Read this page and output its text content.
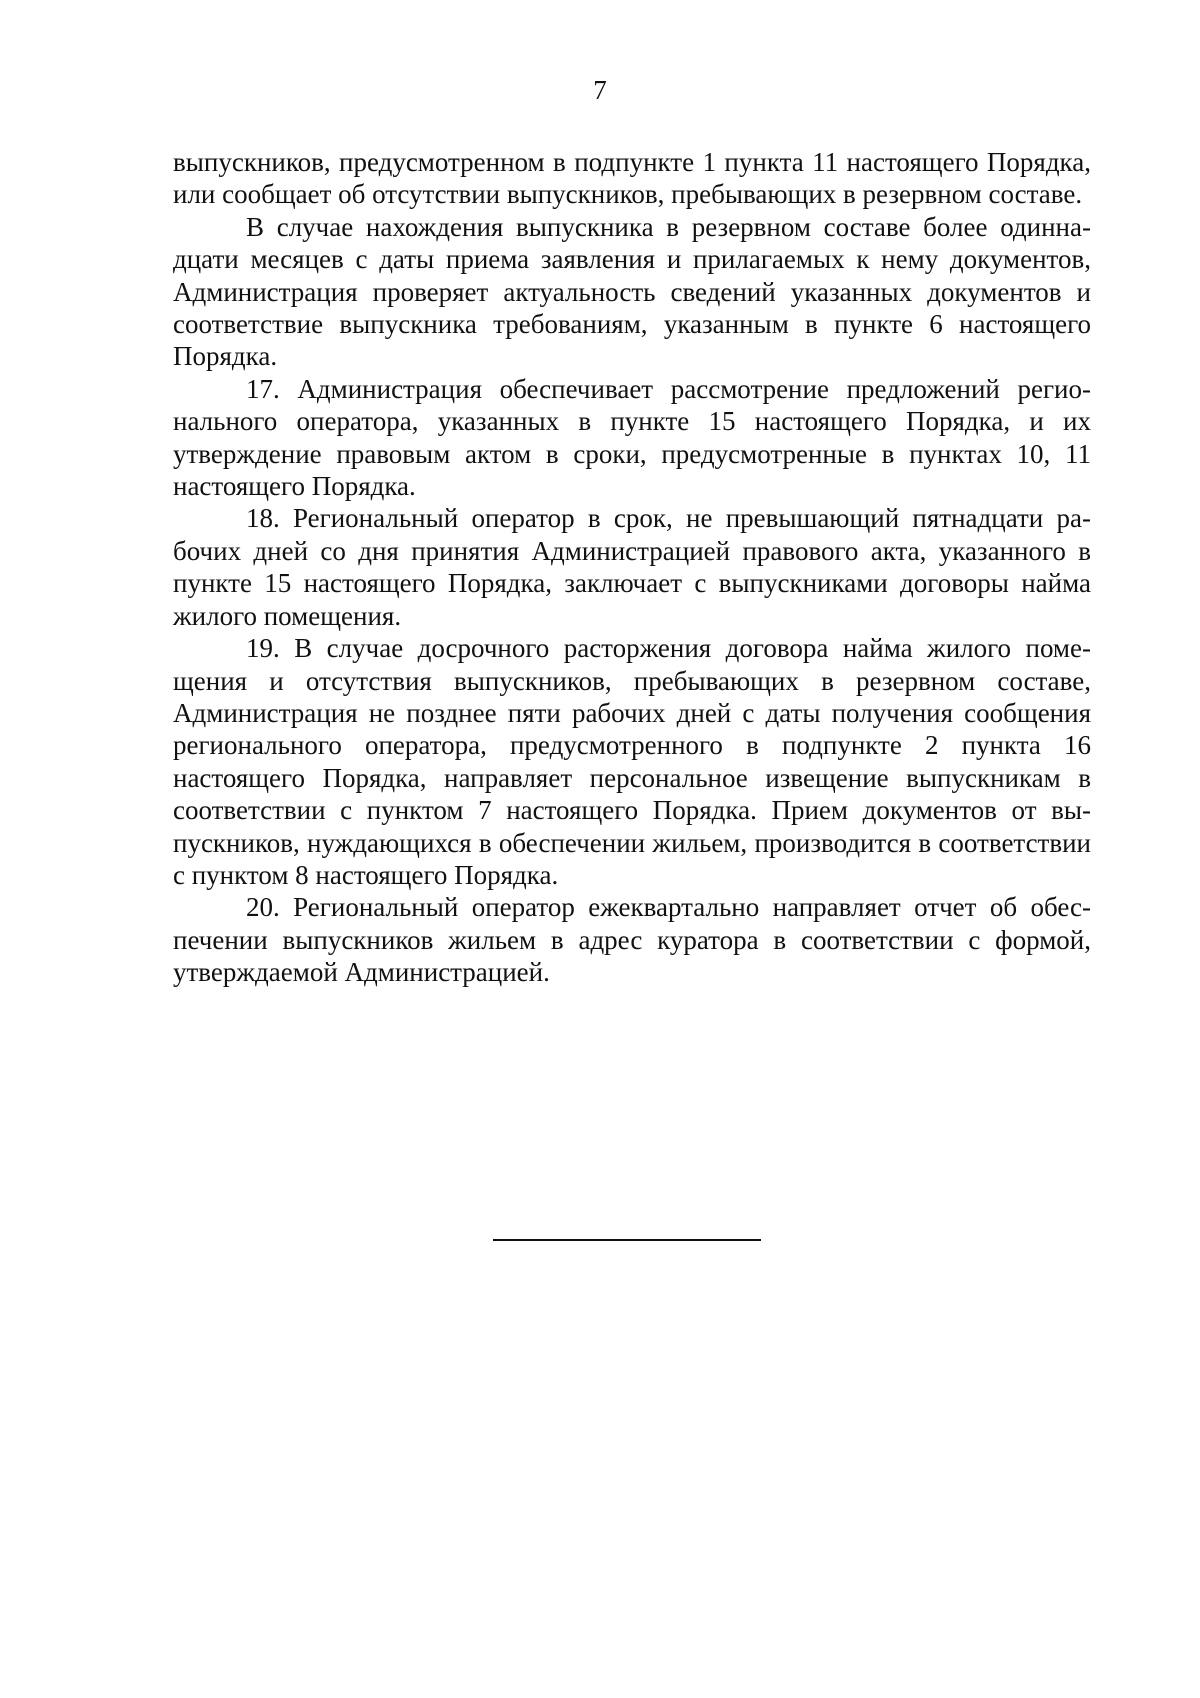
7

выпускников, предусмотренном в подпункте 1 пункта 11 настоящего Порядка, или сообщает об отсутствии выпускников, пребывающих в резервном составе.

В случае нахождения выпускника в резервном составе более одиннадцати месяцев с даты приема заявления и прилагаемых к нему документов, Администрация проверяет актуальность сведений указанных документов и соответствие выпускника требованиям, указанным в пункте 6 настоящего Порядка.

17. Администрация обеспечивает рассмотрение предложений регионального оператора, указанных в пункте 15 настоящего Порядка, и их утверждение правовым актом в сроки, предусмотренные в пунктах 10, 11 настоящего Порядка.

18. Региональный оператор в срок, не превышающий пятнадцати рабочих дней со дня принятия Администрацией правового акта, указанного в пункте 15 настоящего Порядка, заключает с выпускниками договоры найма жилого помещения.

19. В случае досрочного расторжения договора найма жилого помещения и отсутствия выпускников, пребывающих в резервном составе, Администрация не позднее пяти рабочих дней с даты получения сообщения регионального оператора, предусмотренного в подпункте 2 пункта 16 настоящего Порядка, направляет персональное извещение выпускникам в соответствии с пунктом 7 настоящего Порядка. Прием документов от выпускников, нуждающихся в обеспечении жильем, производится в соответствии с пунктом 8 настоящего Порядка.

20. Региональный оператор ежеквартально направляет отчет об обеспечении выпускников жильем в адрес куратора в соответствии с формой, утверждаемой Администрацией.
